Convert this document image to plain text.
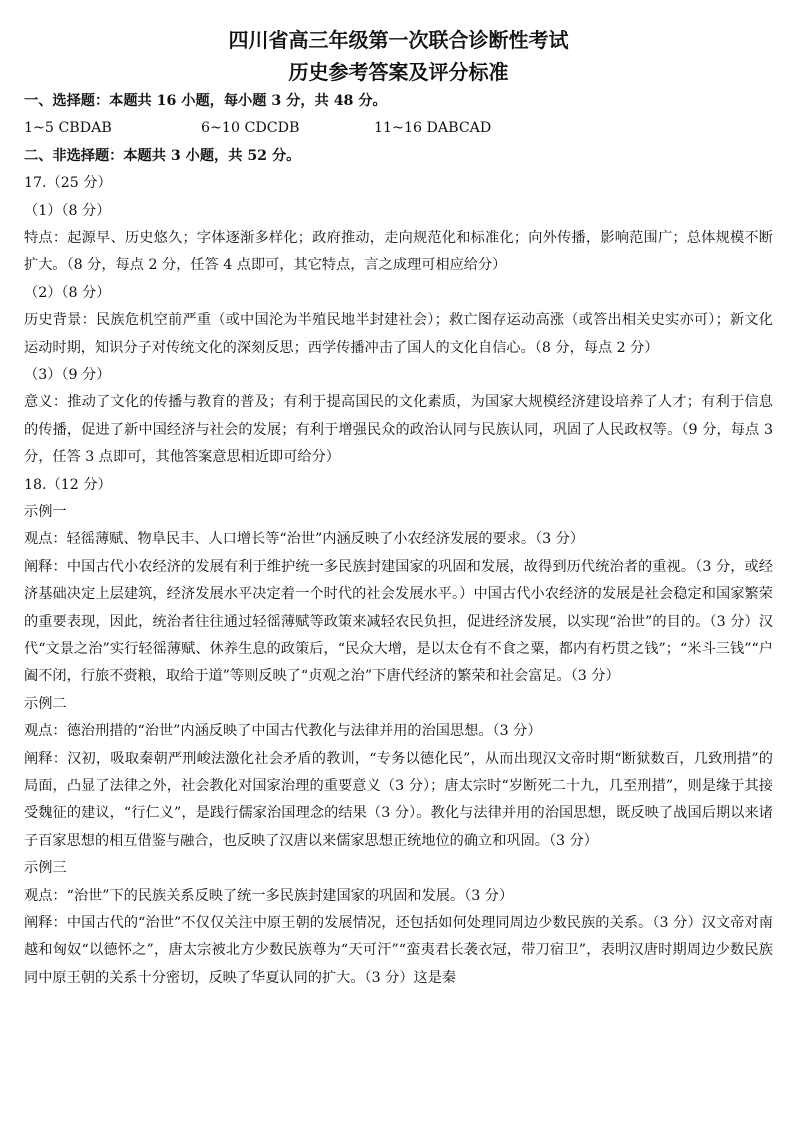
四川省高三年级第一次联合诊断性考试
历史参考答案及评分标准
一、选择题：本题共 16 小题，每小题 3 分，共 48 分。
1~5 CBDAB	6~10 CDCDB	11~16 DABCAD
二、非选择题：本题共 3 小题，共 52 分。
17.（25 分）
（1）（8 分）
特点：起源早、历史悠久；字体逐渐多样化；政府推动，走向规范化和标准化；向外传播，影响范围广；总体规模不断扩大。（8 分，每点 2 分，任答 4 点即可，其它特点，言之成理可相应给分）
（2）（8 分）
历史背景：民族危机空前严重（或中国沦为半殖民地半封建社会）；救亡图存运动高涨（或答出相关史实亦可）；新文化运动时期，知识分子对传统文化的深刻反思；西学传播冲击了国人的文化自信心。（8 分，每点 2 分）
（3）（9 分）
意义：推动了文化的传播与教育的普及；有利于提高国民的文化素质，为国家大规模经济建设培养了人才；有利于信息的传播，促进了新中国经济与社会的发展；有利于增强民众的政治认同与民族认同，巩固了人民政权等。（9 分，每点 3 分，任答 3 点即可，其他答案意思相近即可给分）
18.（12 分）
示例一
观点：轻徭薄赋、物阜民丰、人口增长等“治世”内涵反映了小农经济发展的要求。（3 分）
阐释：中国古代小农经济的发展有利于维护统一多民族封建国家的巩固和发展，故得到历代统治者的重视。（3 分，或经济基础决定上层建筑，经济发展水平决定着一个时代的社会发展水平。）中国古代小农经济的发展是社会稳定和国家繁荣的重要表现，因此，统治者往往通过轻徭薄赋等政策来减轻农民负担，促进经济发展，以实现“治世”的目的。（3 分）汉代“文景之治”实行轻徭薄赋、休养生息的政策后，“民众大增，是以太仓有不食之粟，都内有朽贯之钱”；“米斗三钱”“户阖不闭，行旅不赍粮，取给于道”等则反映了“贞观之治”下唐代经济的繁荣和社会富足。（3 分）
示例二
观点：德治刑措的“治世”内涵反映了中国古代教化与法律并用的治国思想。（3 分）
阐释：汉初，吸取秦朝严刑峻法激化社会矛盾的教训，“专务以德化民”，从而出现汉文帝时期“断狱数百，几致刑措”的局面，凸显了法律之外，社会教化对国家治理的重要意义（3 分）；唐太宗时“岁断死二十九，几至刑措”，则是缘于其接受魏征的建议，“行仁义”，是践行儒家治国理念的结果（3 分）。教化与法律并用的治国思想，既反映了战国后期以来诸子百家思想的相互借鉴与融合，也反映了汉唐以来儒家思想正统地位的确立和巩固。（3 分）
示例三
观点：“治世”下的民族关系反映了统一多民族封建国家的巩固和发展。（3 分）
阐释：中国古代的“治世”不仅仅关注中原王朝的发展情况，还包括如何处理同周边少数民族的关系。（3 分）汉文帝对南越和匈奴“以德怀之”，唐太宗被北方少数民族尊为“天可汗”“蛮夷君长袭衣冠，带刀宿卫”，表明汉唐时期周边少数民族同中原王朝的关系十分密切，反映了华夏认同的扩大。（3 分）这是秦
